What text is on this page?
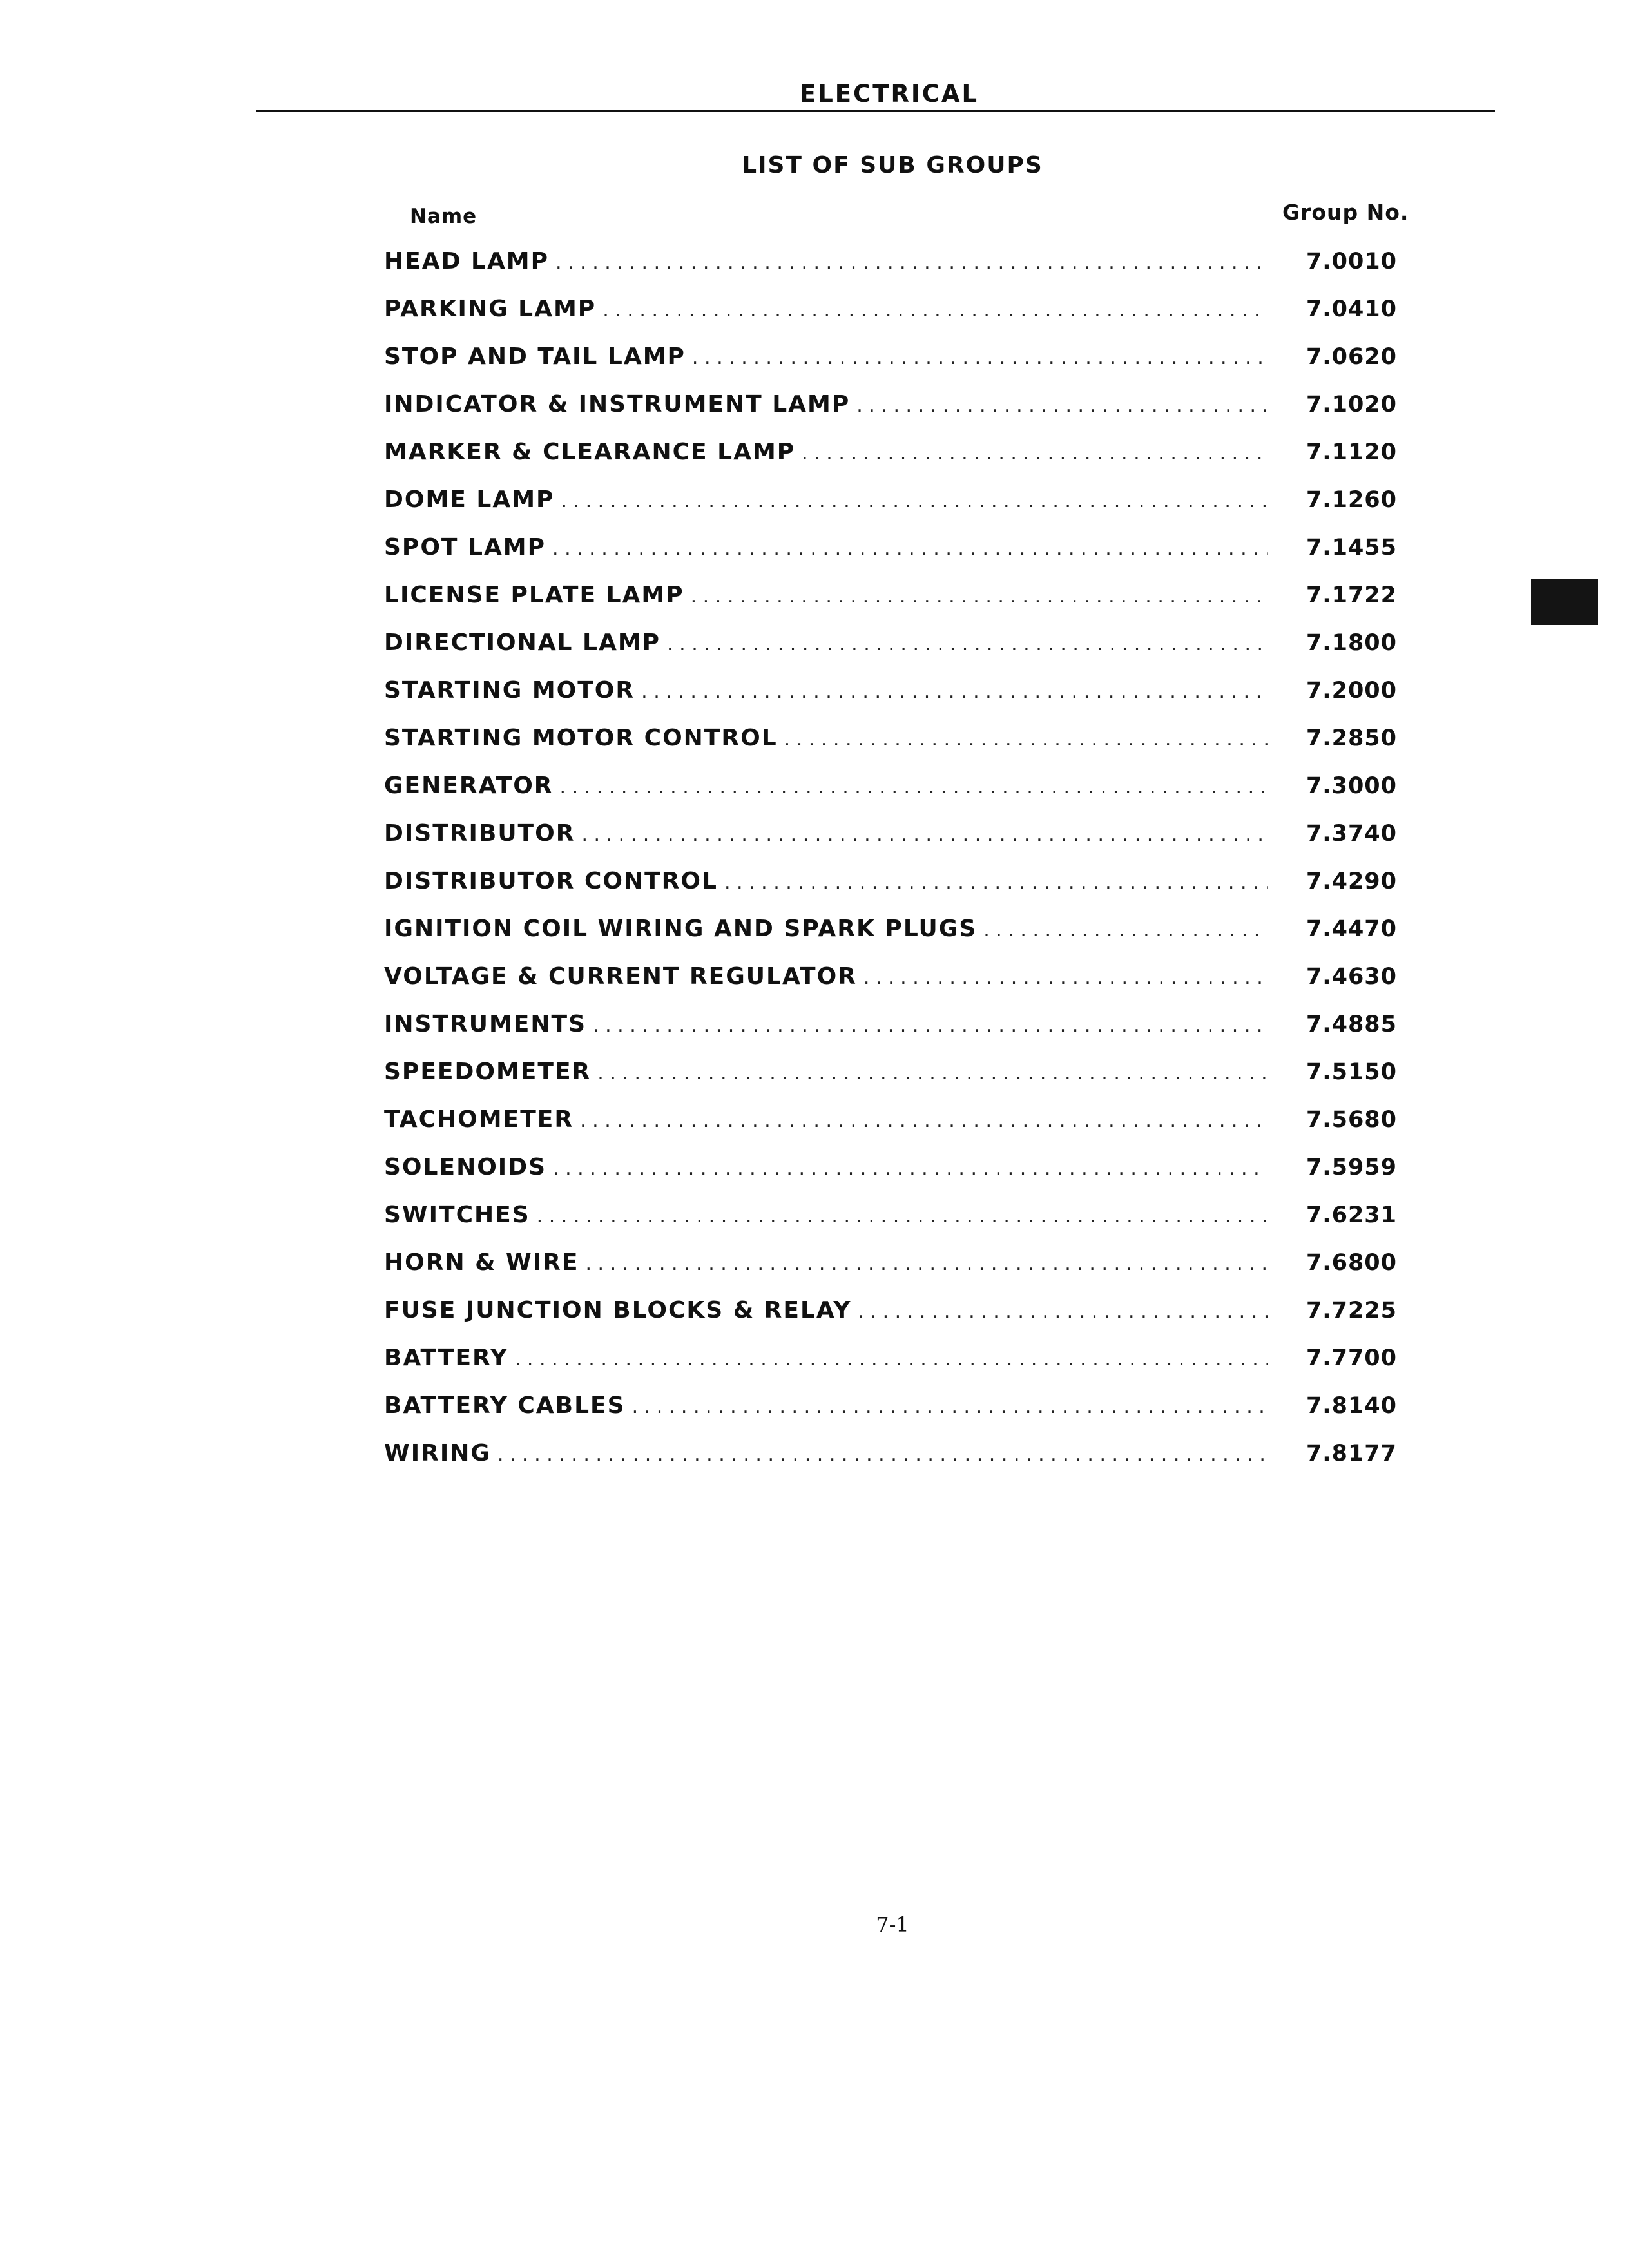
ELECTRICAL
LIST OF SUB GROUPS
Name	Group No.
HEAD LAMP . . .	7.0010
PARKING LAMP . . .	7.0410
STOP AND TAIL LAMP . . .	7.0620
INDICATOR & INSTRUMENT LAMP . . .	7.1020
MARKER & CLEARANCE LAMP . . .	7.1120
DOME LAMP . . .	7.1260
SPOT LAMP . . .	7.1455
LICENSE PLATE LAMP . . .	7.1722
DIRECTIONAL LAMP . . .	7.1800
STARTING MOTOR . . .	7.2000
STARTING MOTOR CONTROL . . .	7.2850
GENERATOR . . .	7.3000
DISTRIBUTOR . . .	7.3740
DISTRIBUTOR CONTROL . . .	7.4290
IGNITION COIL WIRING AND SPARK PLUGS . . .	7.4470
VOLTAGE & CURRENT REGULATOR . . .	7.4630
INSTRUMENTS . . .	7.4885
SPEEDOMETER . . .	7.5150
TACHOMETER . . .	7.5680
SOLENOIDS . . .	7.5959
SWITCHES . . .	7.6231
HORN & WIRE . . .	7.6800
FUSE JUNCTION BLOCKS & RELAY . . .	7.7225
BATTERY . . .	7.7700
BATTERY CABLES . . .	7.8140
WIRING . . .	7.8177
7-1
